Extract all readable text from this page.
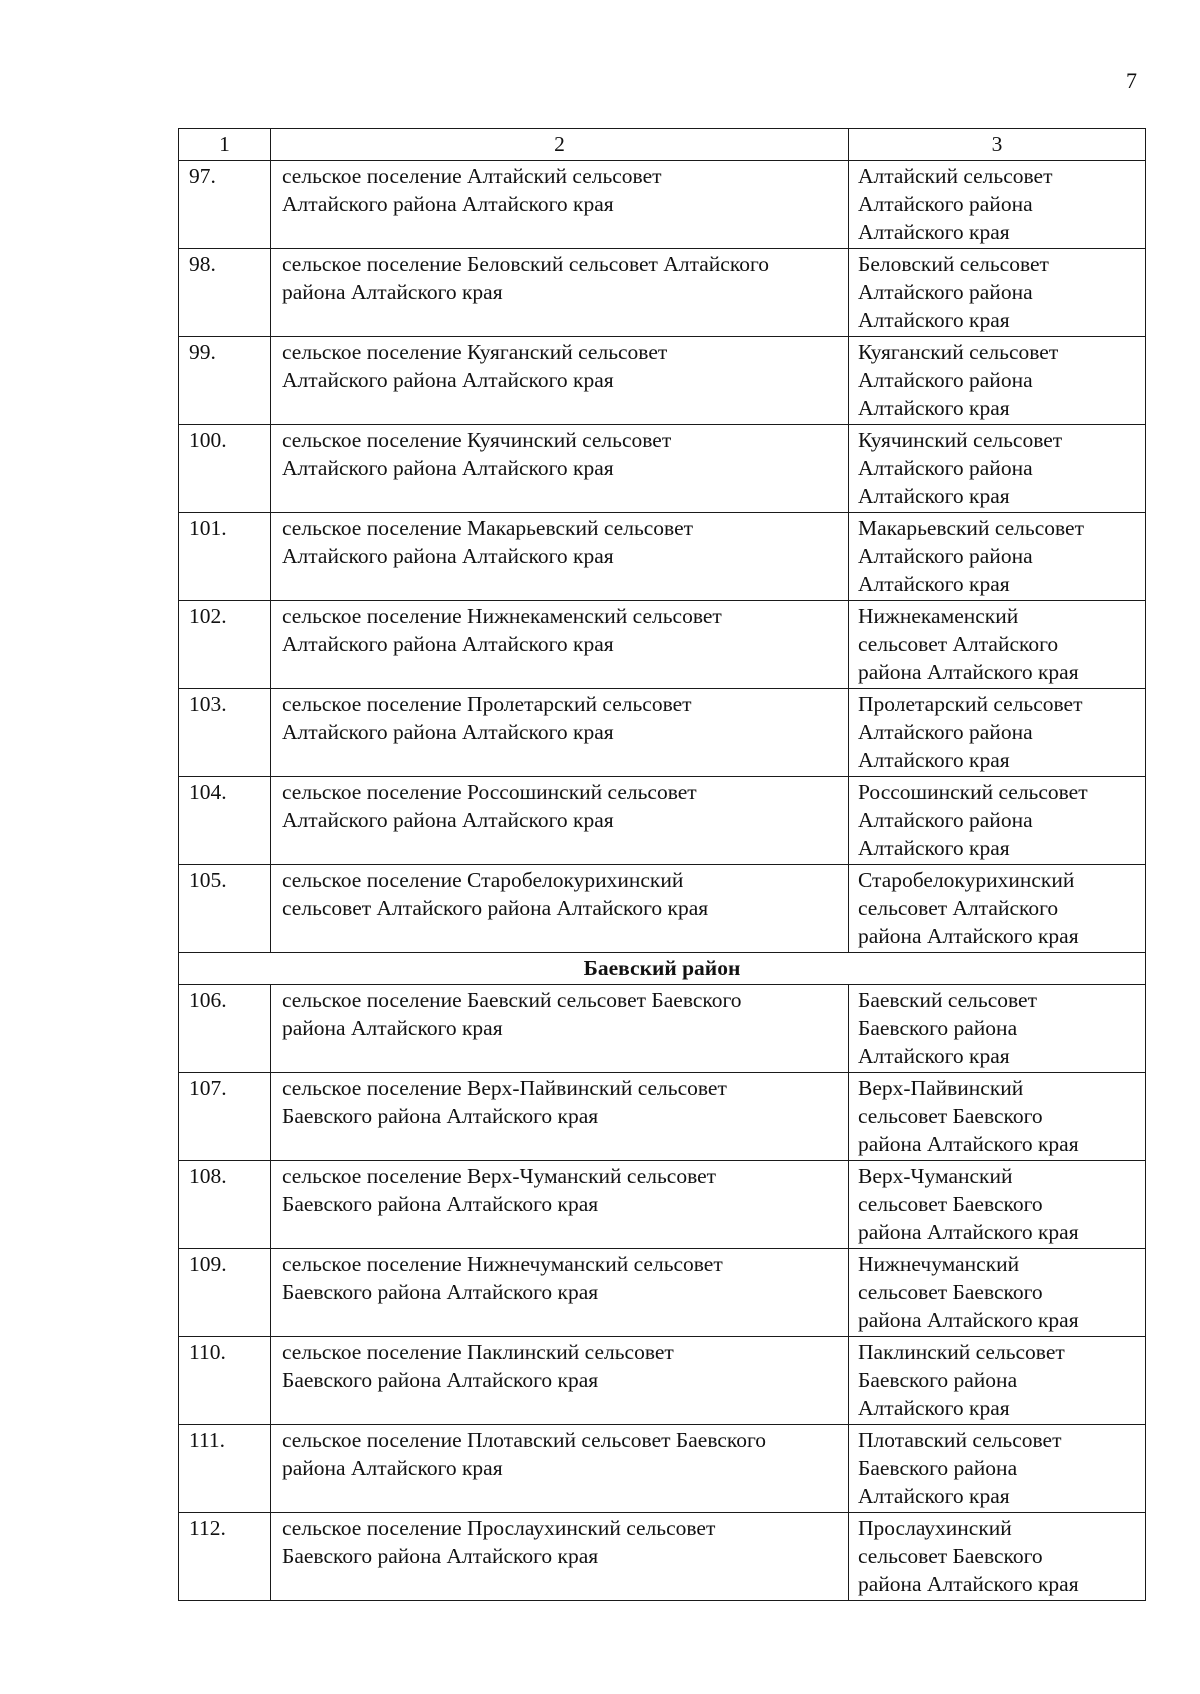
7
1	2	3
97.	сельское поселение Алтайский сельсовет
Алтайского района Алтайского края	Алтайский сельсовет
Алтайского района
Алтайского края

98.	сельское поселение Беловский сельсовет Алтайского
района Алтайского края	Беловский сельсовет
Алтайского района
Алтайского края

99.	сельское поселение Куяганский сельсовет
Алтайского района Алтайского края	Куяганский сельсовет
Алтайского района
Алтайского края

100.	сельское поселение Куячинский сельсовет
Алтайского района Алтайского края	Куячинский сельсовет
Алтайского района
Алтайского края

101.	сельское поселение Макарьевский сельсовет
Алтайского района Алтайского края	Макарьевский сельсовет
Алтайского района
Алтайского края

102.	сельское поселение Нижнекаменский сельсовет
Алтайского района Алтайского края	Нижнекаменский
сельсовет Алтайского
района Алтайского края

103.	сельское поселение Пролетарский сельсовет
Алтайского района Алтайского края	Пролетарский сельсовет
Алтайского района
Алтайского края

104.	сельское поселение Россошинский сельсовет
Алтайского района Алтайского края	Россошинский сельсовет
Алтайского района
Алтайского края

105.	сельское поселение Старобелокурихинский
сельсовет Алтайского района Алтайского края	Старобелокурихинский
сельсовет Алтайского
района Алтайского края

Баевский район		
106.	сельское поселение Баевский сельсовет Баевского
района Алтайского края	Баевский сельсовет
Баевского района
Алтайского края

107.	сельское поселение Верх-Пайвинский сельсовет
Баевского района Алтайского края	Верх-Пайвинский
сельсовет Баевского
района Алтайского края

108.	сельское поселение Верх-Чуманский сельсовет
Баевского района Алтайского края	Верх-Чуманский
сельсовет Баевского
района Алтайского края

109.	сельское поселение Нижнечуманский сельсовет
Баевского района Алтайского края	Нижнечуманский
сельсовет Баевского
района Алтайского края

110.	сельское поселение Паклинский сельсовет
Баевского района Алтайского края	Паклинский сельсовет
Баевского района
Алтайского края

111.	сельское поселение Плотавский сельсовет Баевского
района Алтайского края	Плотавский сельсовет
Баевского района
Алтайского края

112.	сельское поселение Прослаухинский сельсовет
Баевского района Алтайского края	Прослаухинский
сельсовет Баевского
района Алтайского края
